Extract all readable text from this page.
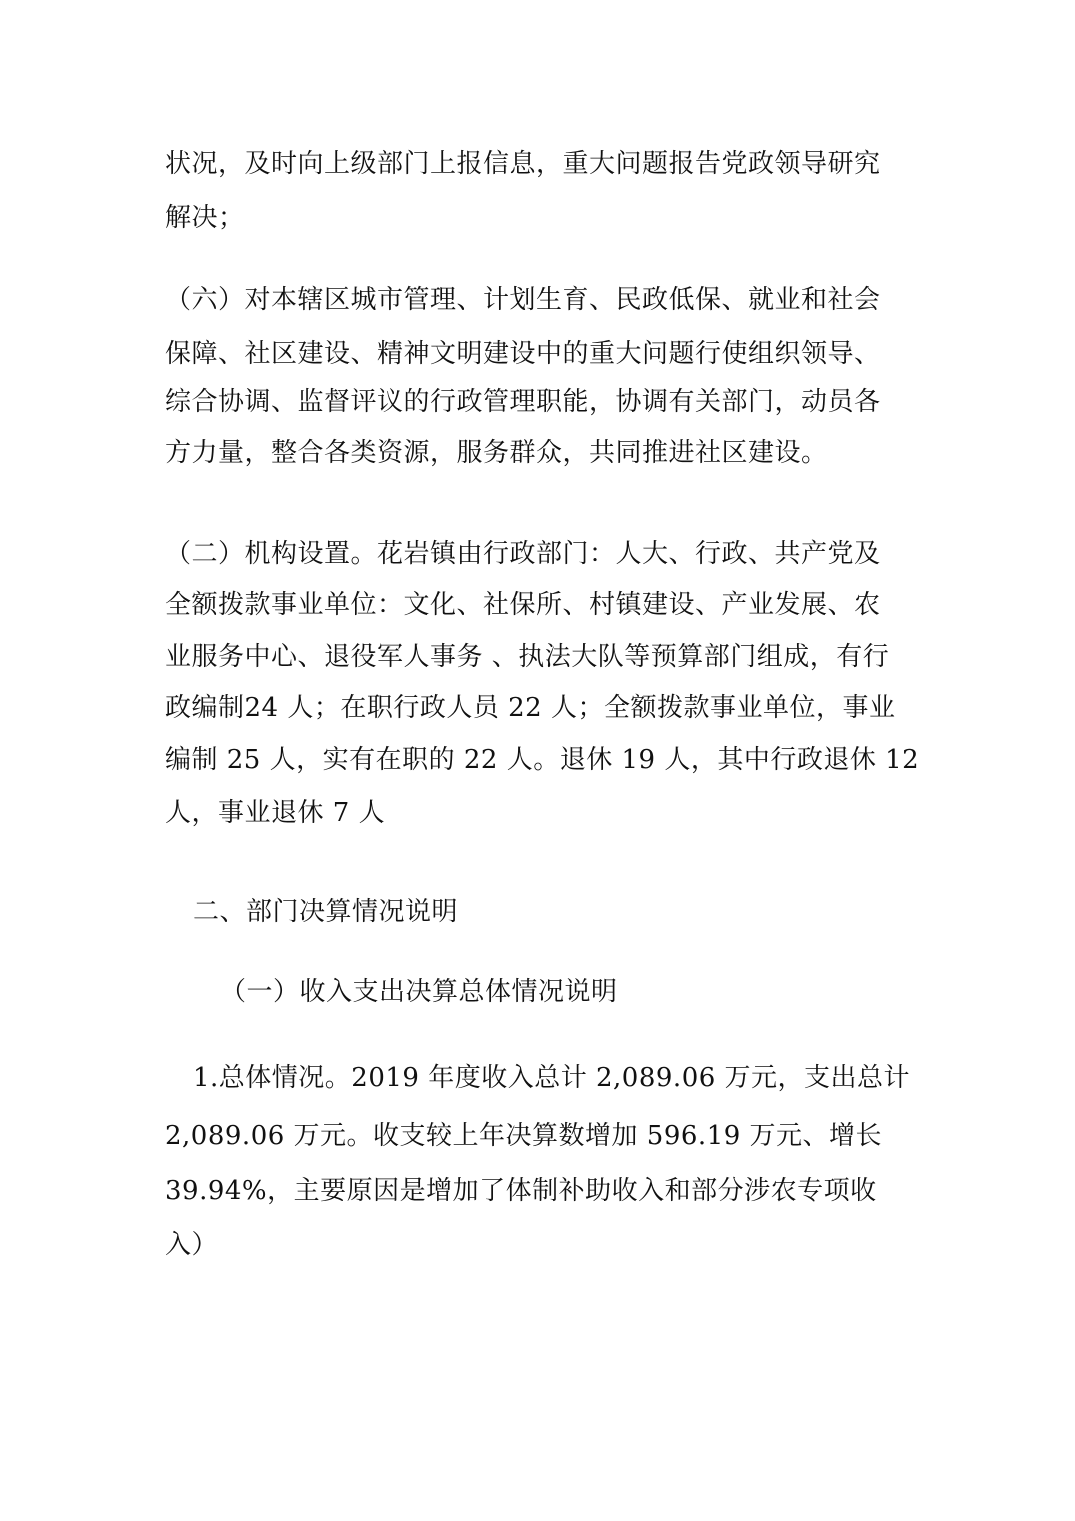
状况，及时向上级部门上报信息，重大问题报告党政领导研究
解决；
（六）对本辖区城市管理、计划生育、民政低保、就业和社会
保障、社区建设、精神文明建设中的重大问题行使组织领导、
综合协调、监督评议的行政管理职能，协调有关部门，动员各
方力量，整合各类资源，服务群众，共同推进社区建设。
（二）机构设置。花岩镇由行政部门：人大、行政、共产党及
全额拨款事业单位：文化、社保所、村镇建设、产业发展、农
业服务中心、退役军人事务 、执法大队等预算部门组成，有行
政编制24 人；在职行政人员 22 人；全额拨款事业单位，事业
编制 25 人，实有在职的 22 人。退休 19 人，其中行政退休 12
人，事业退休 7 人
二、部门决算情况说明
（一）收入支出决算总体情况说明
1.总体情况。2019 年度收入总计 2,089.06 万元，支出总计
2,089.06 万元。收支较上年决算数增加 596.19 万元、增长
39.94%，主要原因是增加了体制补助收入和部分涉农专项收
入）
